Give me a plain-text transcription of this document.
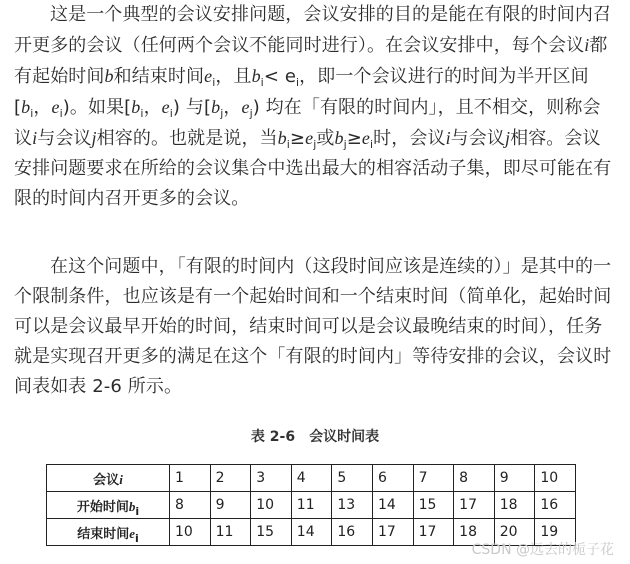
这是一个典型的会议安排问题，会议安排的目的是能在有限的时间内召开更多的会议（任何两个会议不能同时进行）。在会议安排中，每个会议i都有起始时间b和结束时间$e_i$，且$b_i< e_i$，即一个会议进行的时间为半开区间[$b_i$，$e_i$)。如果[$b_i$，$e_i$) 与[$b_j$，$e_j$) 均在「有限的时间内」，且不相交，则称会议i与会议j相容的。也就是说，当$b_i\ge e_j$或$b_j\ge e_i$时，会议i与会议j相容。会议安排问题要求在所给的会议集合中选出最大的相容活动子集，即尽可能在有限的时间内召开更多的会议。

在这个问题中，「有限的时间内（这段时间应该是连续的）」是其中的一个限制条件，也应该是有一个起始时间和一个结束时间（简单化，起始时间可以是会议最早开始的时间，结束时间可以是会议最晚结束的时间），任务就是实现召开更多的满足在这个「有限的时间内」等待安排的会议，会议时间表如表 2-6 所示。

表 2-6　会议时间表
会议i	1	2	3	4	5	6	7	8	9	10
开始时间$b_i$	8	9	10	11	13	14	15	17	18	16
结束时间$e_i$	10	11	15	14	16	17	17	18	20	19
CSDN @远去的栀子花
